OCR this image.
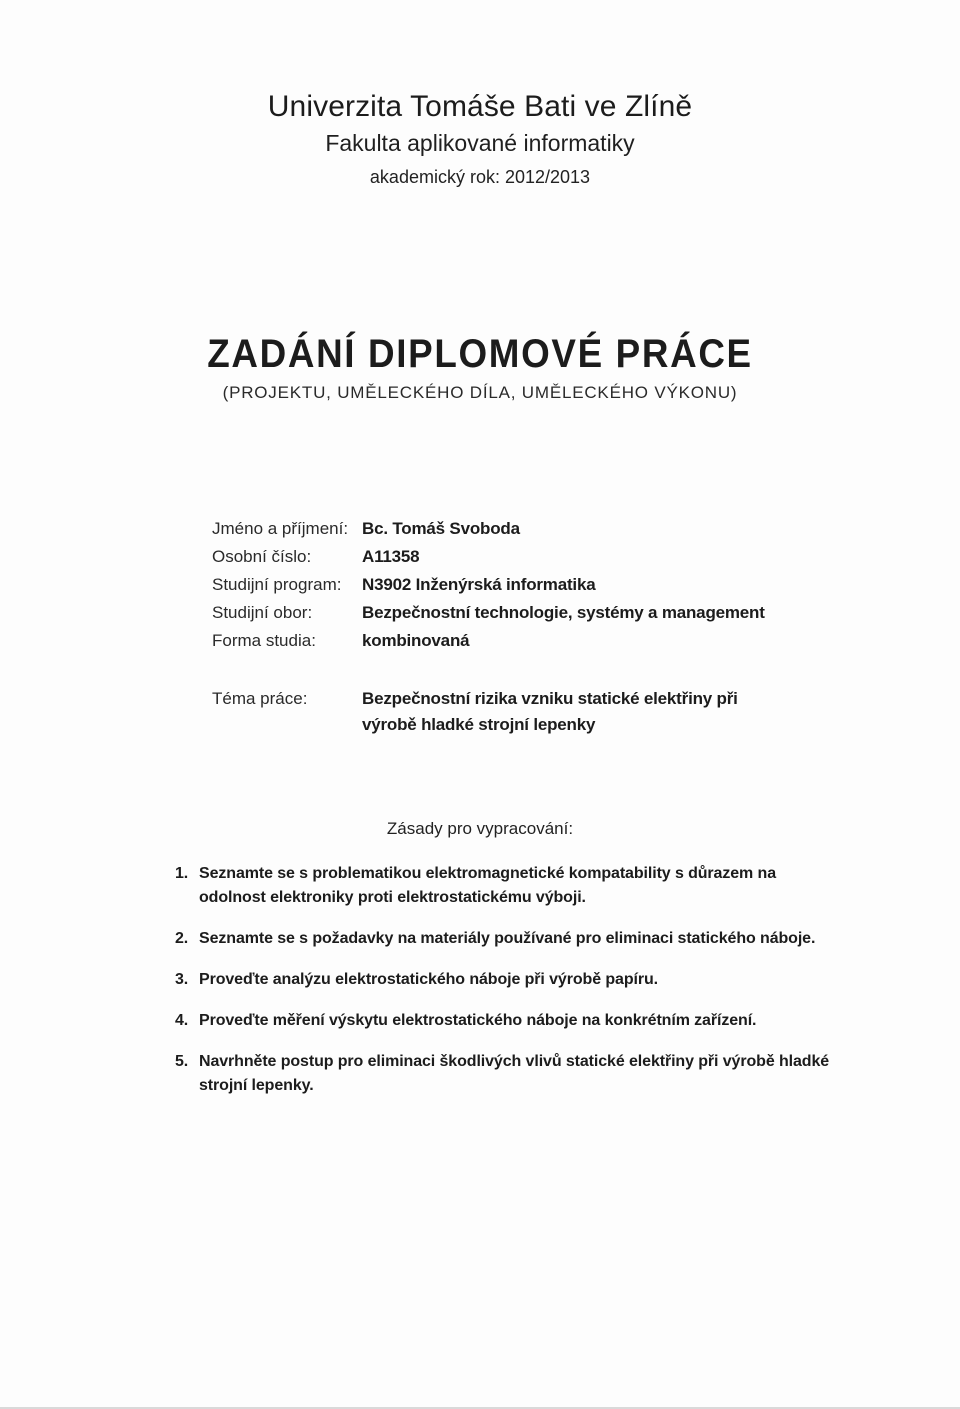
Univerzita Tomáše Bati ve Zlíně
Fakulta aplikované informatiky
akademický rok: 2012/2013
ZADÁNÍ DIPLOMOVÉ PRÁCE
(PROJEKTU, UMĚLECKÉHO DÍLA, UMĚLECKÉHO VÝKONU)
Jméno a příjmení: Bc. Tomáš Svoboda
Osobní číslo:	A11358
Studijní program:	N3902 Inženýrská informatika
Studijní obor:	Bezpečnostní technologie, systémy a management
Forma studia:	kombinovaná
Téma práce:	Bezpečnostní rizika vzniku statické elektřiny při výrobě hladké strojní lepenky
Zásady pro vypracování:
1. Seznamte se s problematikou elektromagnetické kompatability s důrazem na odolnost elektroniky proti elektrostatickému výboji.
2. Seznamte se s požadavky na materiály používané pro eliminaci statického náboje.
3. Proveďte analýzu elektrostatického náboje při výrobě papíru.
4. Proveďte měření výskytu elektrostatického náboje na konkrétním zařízení.
5. Navrhněte postup pro eliminaci škodlivých vlivů statické elektřiny při výrobě hladké strojní lepenky.
